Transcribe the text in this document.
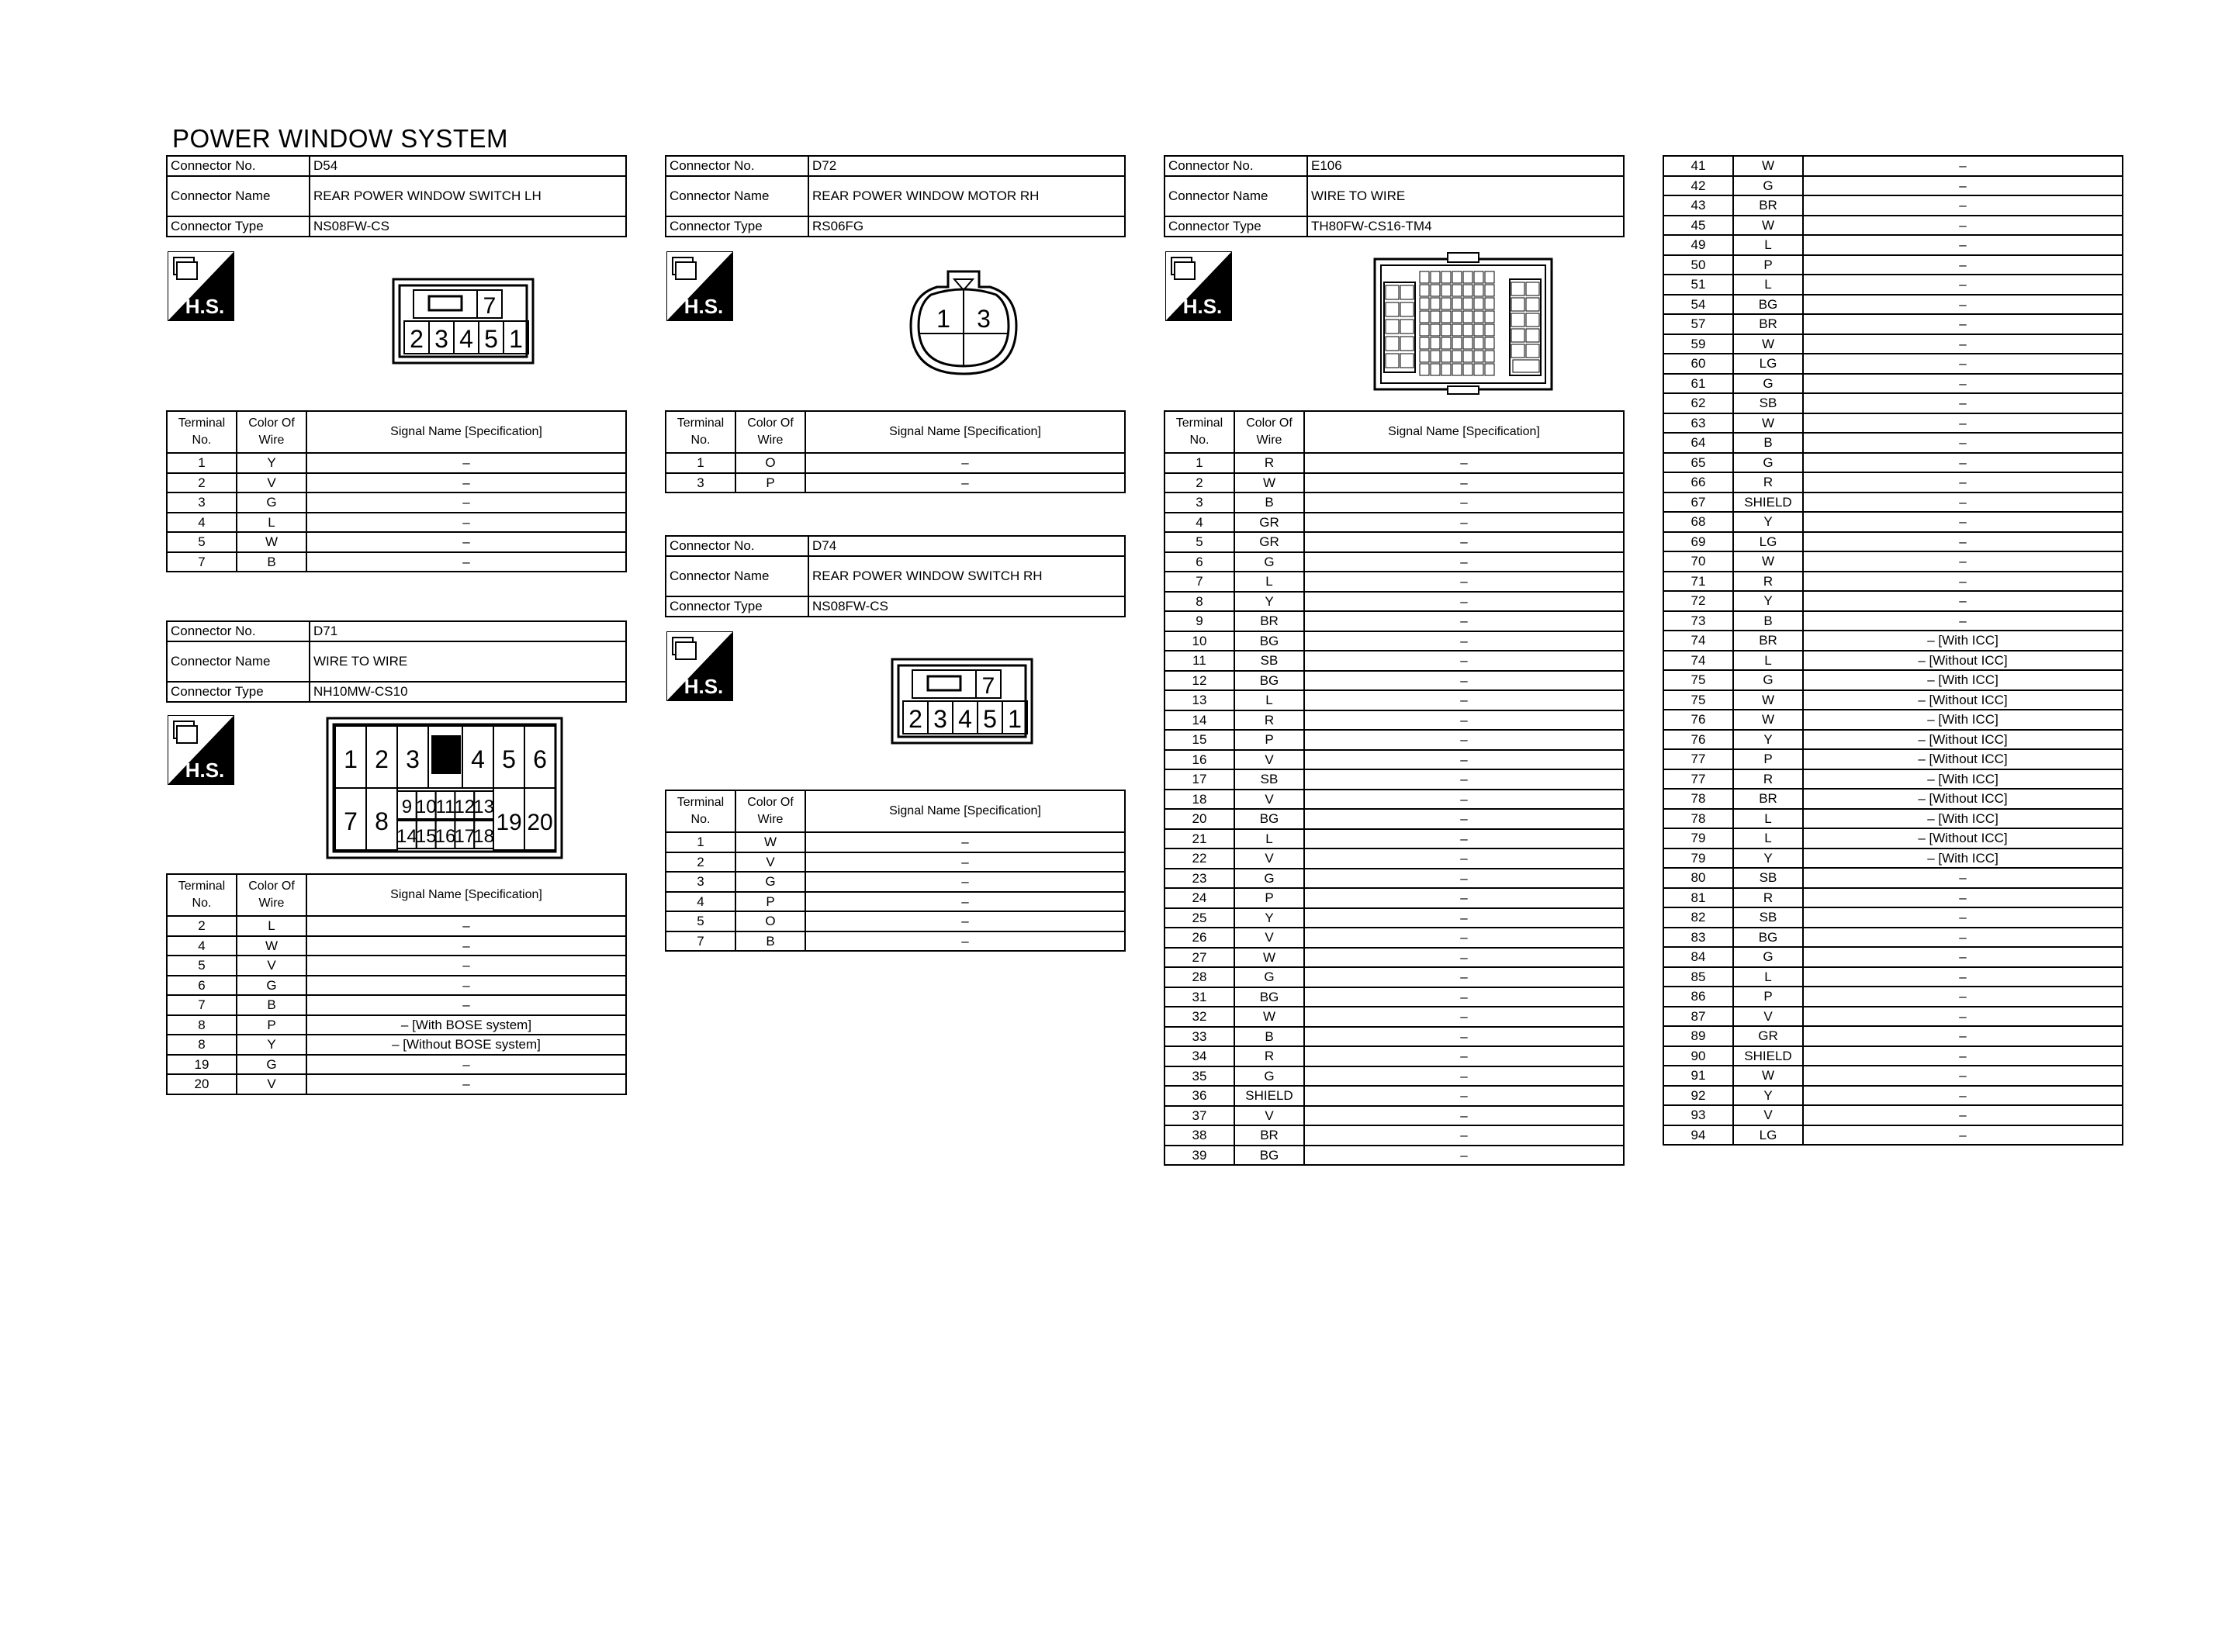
POWER WINDOW SYSTEM
Connector No.	D54
Connector Name	REAR POWER WINDOW SWITCH LH
Connector Type	NS08FW-CS
H.S.	7
2 3 4 5 1
Terminal No.	Color Of Wire	Signal Name [Specification]
1	Y	–
2	V	–
3	G	–
4	L	–
5	W	–
7	B	–
Connector No.	D71
Connector Name	WIRE TO WIRE
Connector Type	NH10MW-CS10
H.S.	1 2 3 4 5 6
7 8	19 20
9
14
10
15
11
16
12
17
13
18
Terminal No.	Color Of Wire	Signal Name [Specification]
2	L	–
4	W	–
5	V	–
6	G	–
7	B	–
8	P	– [With BOSE system]
8	Y	– [Without BOSE system]
19	G	–
20	V	–
Connector No.	D72
Connector Name	REAR POWER WINDOW MOTOR RH
Connector Type	RS06FG
H.S.	1 3
Terminal No.	Color Of Wire	Signal Name [Specification]
1	O	–
3	P	–
Connector No.	D74
Connector Name	REAR POWER WINDOW SWITCH RH
Connector Type	NS08FW-CS
H.S.	7
2 3 4 5 1
Terminal No.	Color Of Wire	Signal Name [Specification]
1	W	–
2	V	–
3	G	–
4	P	–
5	O	–
7	B	–
Connector No.	E106
Connector Name	WIRE TO WIRE
Connector Type	TH80FW-CS16-TM4
H.S.
Terminal No.	Color Of Wire	Signal Name [Specification]
1	R	–
2	W	–
3	B	–
4	GR	–
5	GR	–
6	G	–
7	L	–
8	Y	–
9	BR	–
10	BG	–
11	SB	–
12	BG	–
13	L	–
14	R	–
15	P	–
16	V	–
17	SB	–
18	V	–
20	BG	–
21	L	–
22	V	–
23	G	–
24	P	–
25	Y	–
26	V	–
27	W	–
28	G	–
31	BG	–
32	W	–
33	B	–
34	R	–
35	G	–
36	SHIELD	–
37	V	–
38	BR	–
39	BG	–
41	W	–
42	G	–
43	BR	–
45	W	–
49	L	–
50	P	–
51	L	–
54	BG	–
57	BR	–
59	W	–
60	LG	–
61	G	–
62	SB	–
63	W	–
64	B	–
65	G	–
66	R	–
67	SHIELD	–
68	Y	–
69	LG	–
70	W	–
71	R	–
72	Y	–
73	B	–
74	BR	– [With ICC]
74	L	– [Without ICC]
75	G	– [With ICC]
75	W	– [Without ICC]
76	W	– [With ICC]
76	Y	– [Without ICC]
77	P	– [Without ICC]
77	R	– [With ICC]
78	BR	– [Without ICC]
78	L	– [With ICC]
79	L	– [Without ICC]
79	Y	– [With ICC]
80	SB	–
81	R	–
82	SB	–
83	BG	–
84	G	–
85	L	–
86	P	–
87	V	–
89	GR	–
90	SHIELD	–
91	W	–
92	Y	–
93	V	–
94	LG	–
